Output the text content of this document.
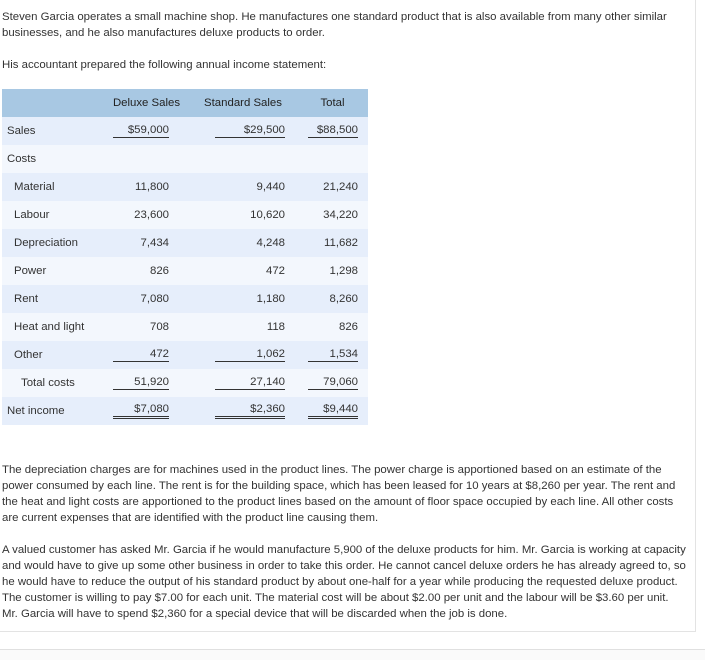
Steven Garcia operates a small machine shop. He manufactures one standard product that is also available from many other similar businesses, and he also manufactures deluxe products to order.

His accountant prepared the following annual income statement:

	Deluxe Sales	Standard Sales	Total
Sales	$59,000	$29,500	$88,500
Costs			
Material	11,800	9,440	21,240
Labour	23,600	10,620	34,220
Depreciation	7,434	4,248	11,682
Power	826	472	1,298
Rent	7,080	1,180	8,260
Heat and light	708	118	826
Other	472	1,062	1,534
Total costs	51,920	27,140	79,060
Net income	$7,080	$2,360	$9,440

The depreciation charges are for machines used in the product lines. The power charge is apportioned based on an estimate of the power consumed by each line. The rent is for the building space, which has been leased for 10 years at $8,260 per year. The rent and the heat and light costs are apportioned to the product lines based on the amount of floor space occupied by each line. All other costs are current expenses that are identified with the product line causing them.

A valued customer has asked Mr. Garcia if he would manufacture 5,900 of the deluxe products for him. Mr. Garcia is working at capacity and would have to give up some other business in order to take this order. He cannot cancel deluxe orders he has already agreed to, so he would have to reduce the output of his standard product by about one-half for a year while producing the requested deluxe product. The customer is willing to pay $7.00 for each unit. The material cost will be about $2.00 per unit and the labour will be $3.60 per unit. Mr. Garcia will have to spend $2,360 for a special device that will be discarded when the job is done.
